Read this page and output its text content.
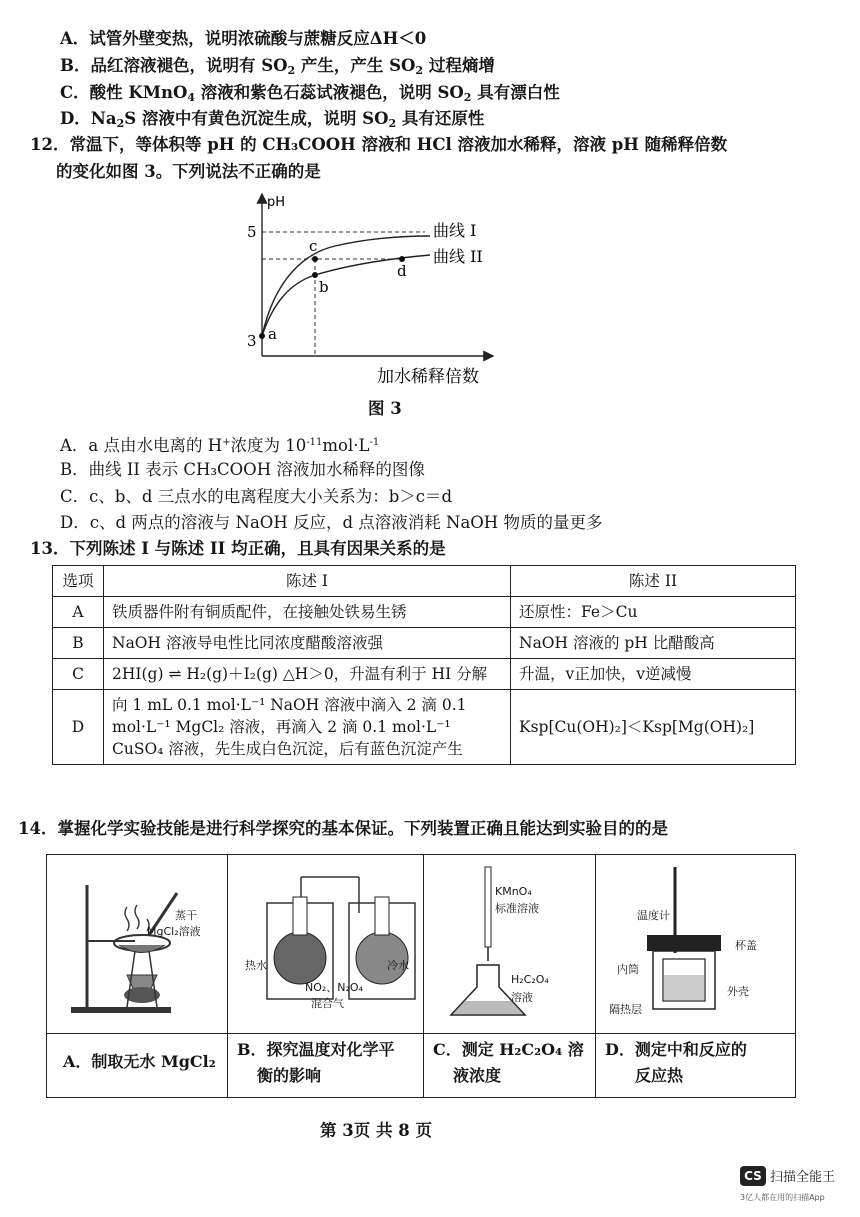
A．试管外壁变热，说明浓硫酸与蔗糖反应ΔH＜0
B．品红溶液褪色，说明有 $SO_2$ 产生，产生 $SO_2$ 过程熵增
C．酸性 KMnO$_4$ 溶液和紫色石蕊试液褪色，说明 $SO_2$ 具有漂白性
D．$Na_2S$ 溶液中有黄色沉淀生成，说明 $SO_2$ 具有还原性
12．常温下，等体积等 pH 的 CH₃COOH 溶液和 HCl 溶液加水稀释，溶液 pH 随稀释倍数
的变化如图 3。下列说法不正确的是
pH
5
3 a
c
b
d
曲线 I
曲线 II
加水稀释倍数
图 3
A．a 点由水电离的 H+浓度为 $10^{-11}mol\cdot L^{-1}$
B．曲线 II 表示 CH₃COOH 溶液加水稀释的图像
C．c、b、d 三点水的电离程度大小关系为：b＞c＝d
D．c、d 两点的溶液与 NaOH 反应，d 点溶液消耗 NaOH 物质的量更多
13．下列陈述 I 与陈述 II 均正确，且具有因果关系的是
选项	陈述 I	陈述 II
A	铁质器件附有铜质配件，在接触处铁易生锈	还原性：Fe＞Cu
B	NaOH 溶液导电性比同浓度醋酸溶液强	NaOH 溶液的 pH 比醋酸高
C	2HI(g) ⇌ H₂(g)＋I₂(g) △H＞0，升温有利于 HI 分解	升温，v正加快，v逆减慢
D	向 1 mL 0.1 mol·L⁻¹ NaOH 溶液中滴入 2 滴 0.1 mol·L⁻¹ MgCl₂ 溶液，再滴入 2 滴 0.1 mol·L⁻¹ CuSO₄ 溶液，先生成白色沉淀，后有蓝色沉淀产生	Ksp[Cu(OH)₂]＜Ksp[Mg(OH)₂]
14．掌握化学实验技能是进行科学探究的基本保证。下列装置正确且能达到实验目的的是
蒸干
MgCl₂溶液
热水	冷水
NO₂、N₂O₄
混合气
KMnO₄
标准溶液
H₂C₂O₄
溶液
温度计
杯盖
内筒
外壳
隔热层
A．制取无水 MgCl₂
B．探究温度对化学平
衡的影响
C．测定 H₂C₂O₄ 溶
液浓度
D．测定中和反应的
反应热
第 3页 共 8 页
CS 扫描全能王
3亿人都在用的扫描App
